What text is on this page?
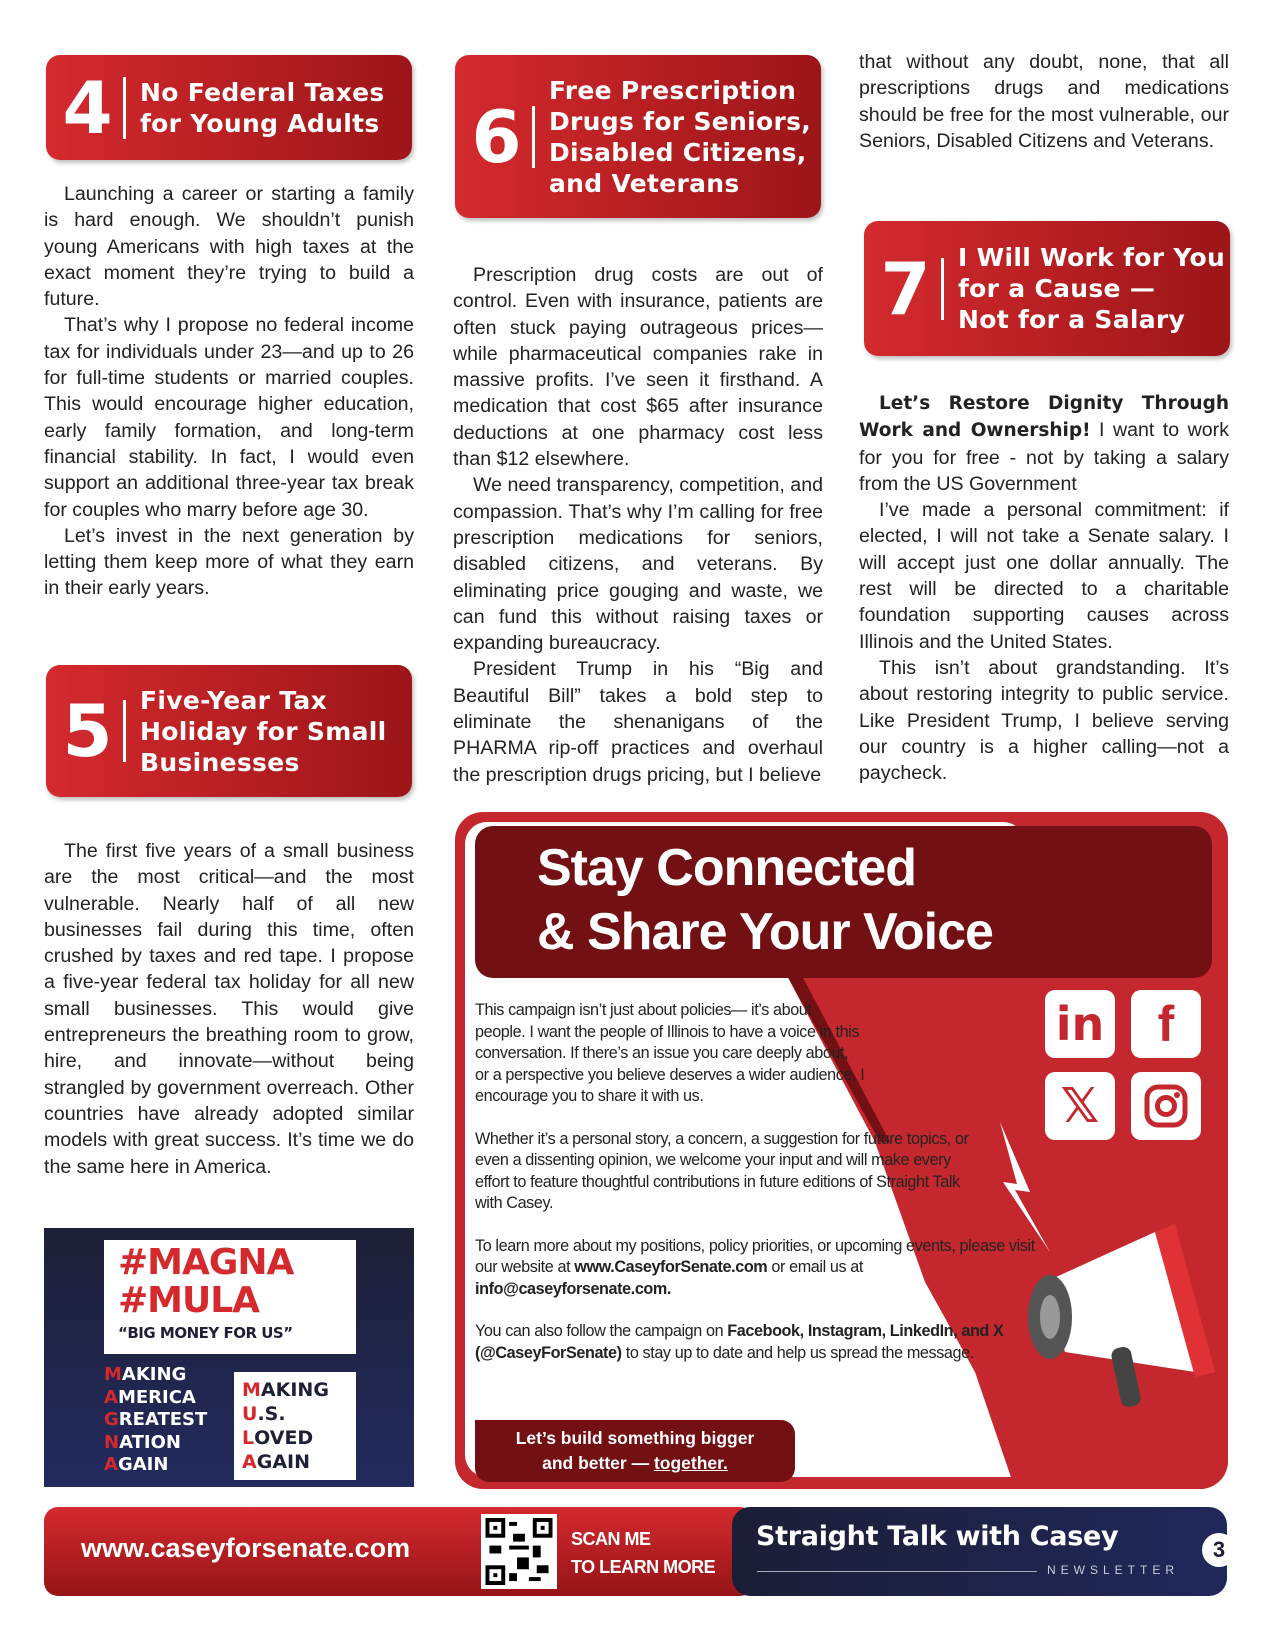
4	No Federal Taxes
for Young Adults

Launching a career or starting a family is hard enough. We shouldn’t punish young Americans with high taxes at the exact moment they’re trying to build a future.

That’s why I propose no federal income tax for individuals under 23—and up to 26 for full-time students or married couples. This would encourage higher education, early family formation, and long-term financial stability. In fact, I would even support an additional three-year tax break for couples who marry before age 30.

Let’s invest in the next generation by letting them keep more of what they earn in their early years.

5	Five-Year Tax
Holiday for Small
Businesses

The first five years of a small business are the most critical—and the most vulnerable. Nearly half of all new businesses fail during this time, often crushed by taxes and red tape. I propose a five-year federal tax holiday for all new small businesses. This would give entrepreneurs the breathing room to grow, hire, and innovate—without being strangled by government overreach. Other countries have already adopted similar models with great success. It’s time we do the same here in America.

#MAGNA
#MULA
“BIG MONEY FOR US”
MAKING
AMERICA
GREATEST
NATION
AGAIN
MAKING
U.S.
LOVED
AGAIN
6
Free Prescription
Drugs for Seniors,
Disabled Citizens,
and Veterans

Prescription drug costs are out of control. Even with insurance, patients are often stuck paying outrageous prices—while pharmaceutical companies rake in massive profits. I’ve seen it firsthand. A medication that cost $65 after insurance deductions at one pharmacy cost less than $12 elsewhere.

We need transparency, competition, and compassion. That’s why I’m calling for free prescription medications for seniors, disabled citizens, and veterans. By eliminating price gouging and waste, we can fund this without raising taxes or expanding bureaucracy.

President Trump in his “Big and Beautiful Bill” takes a bold step to eliminate the shenanigans of the PHARMA rip-off practices and overhaul the prescription drugs pricing, but I believe

that without any doubt, none, that all prescriptions drugs and medications should be free for the most vulnerable, our Seniors, Disabled Citizens and Veterans.

7	I Will Work for You
for a Cause —
Not for a Salary

Let’s Restore Dignity Through Work and Ownership! I want to work for you for free - not by taking a salary from the US Government

I’ve made a personal commitment: if elected, I will not take a Senate salary. I will accept just one dollar annually. The rest will be directed to a charitable foundation supporting causes across Illinois and the United States.

This isn’t about grandstanding. It’s about restoring integrity to public service. Like President Trump, I believe serving our country is a higher calling—not a paycheck.

Stay Connected
& Share Your Voice

This campaign isn’t just about policies— it’s about people. I want the people of Illinois to have a voice in this conversation. If there’s an issue you care deeply about, or a perspective you believe deserves a wider audience, I encourage you to share it with us.

Whether it’s a personal story, a concern, a suggestion for future topics, or even a dissenting opinion, we welcome your input and will make every effort to feature thoughtful contributions in future editions of Straight Talk with Casey.

To learn more about my positions, policy priorities, or upcoming events, please visit our website at www.CaseyforSenate.com or email us at info@caseyforsenate.com.

You can also follow the campaign on Facebook, Instagram, LinkedIn, and X (@CaseyForSenate) to stay up to date and help us spread the message.

in	f
𝕏
Let’s build something bigger
and better — together.
www.caseyforsenate.com	SCAN ME
TO LEARN MORE
Straight Talk with Casey
NEWSLETTER
3
